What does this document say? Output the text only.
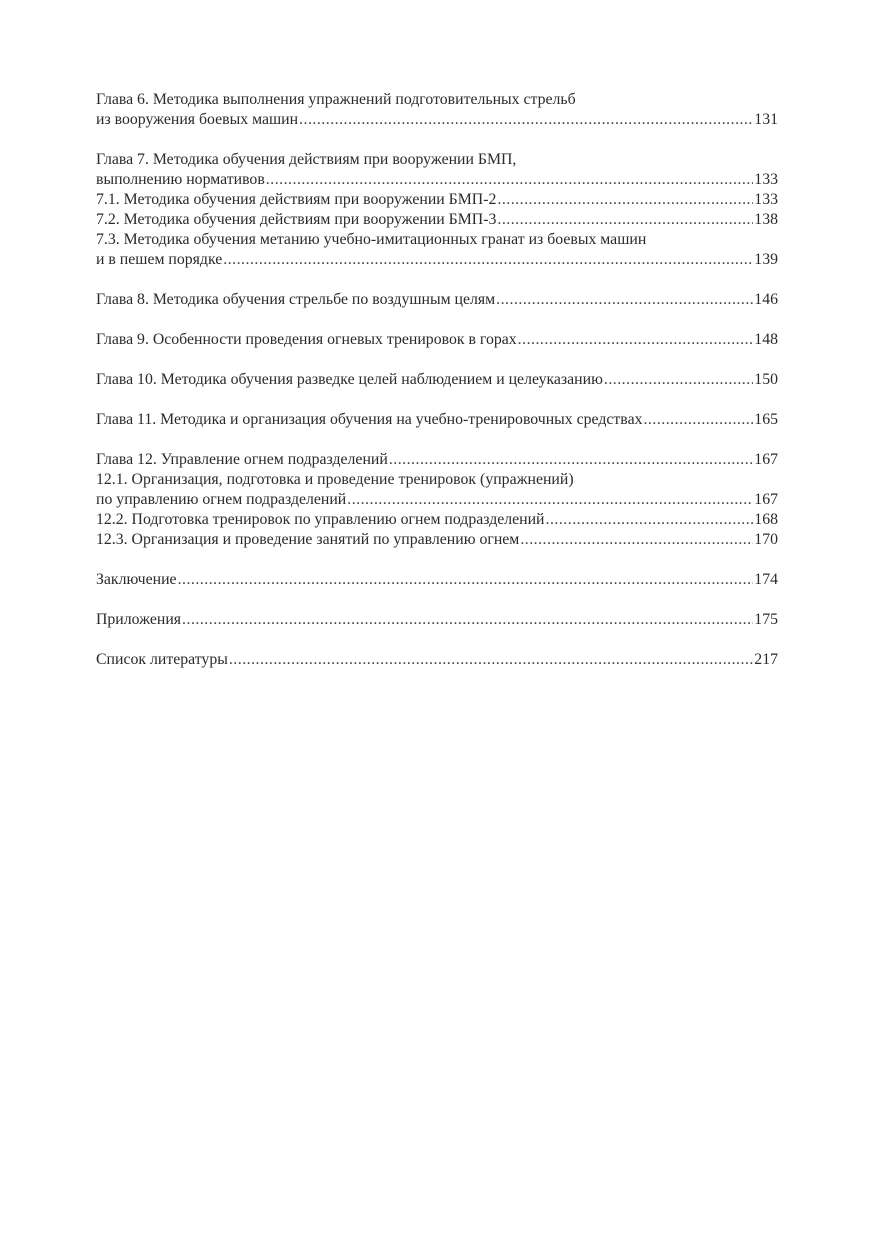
Глава 6. Методика выполнения упражнений подготовительных стрельб
из вооружения боевых машин .....	131
Глава 7. Методика обучения действиям при вооружении БМП,
выполнению нормативов .....	133
7.1. Методика обучения действиям при вооружении БМП-2 .....	133
7.2. Методика обучения действиям при вооружении БМП-3 .....	138
7.3. Методика обучения метанию учебно-имитационных гранат из боевых машин
и в пешем порядке .....	139
Глава 8. Методика обучения стрельбе по воздушным целям .....	146
Глава 9. Особенности проведения огневых тренировок в горах .....	148
Глава 10. Методика обучения разведке целей наблюдением и целеуказанию .....	150
Глава 11. Методика и организация обучения на учебно-тренировочных средствах .....	165
Глава 12. Управление огнем подразделений .....	167
12.1. Организация, подготовка и проведение тренировок (упражнений)
по управлению огнем подразделений .....	167
12.2. Подготовка тренировок по управлению огнем подразделений .....	168
12.3. Организация и проведение занятий по управлению огнем .....	170
Заключение .....	174
Приложения .....	175
Список литературы .....	217
